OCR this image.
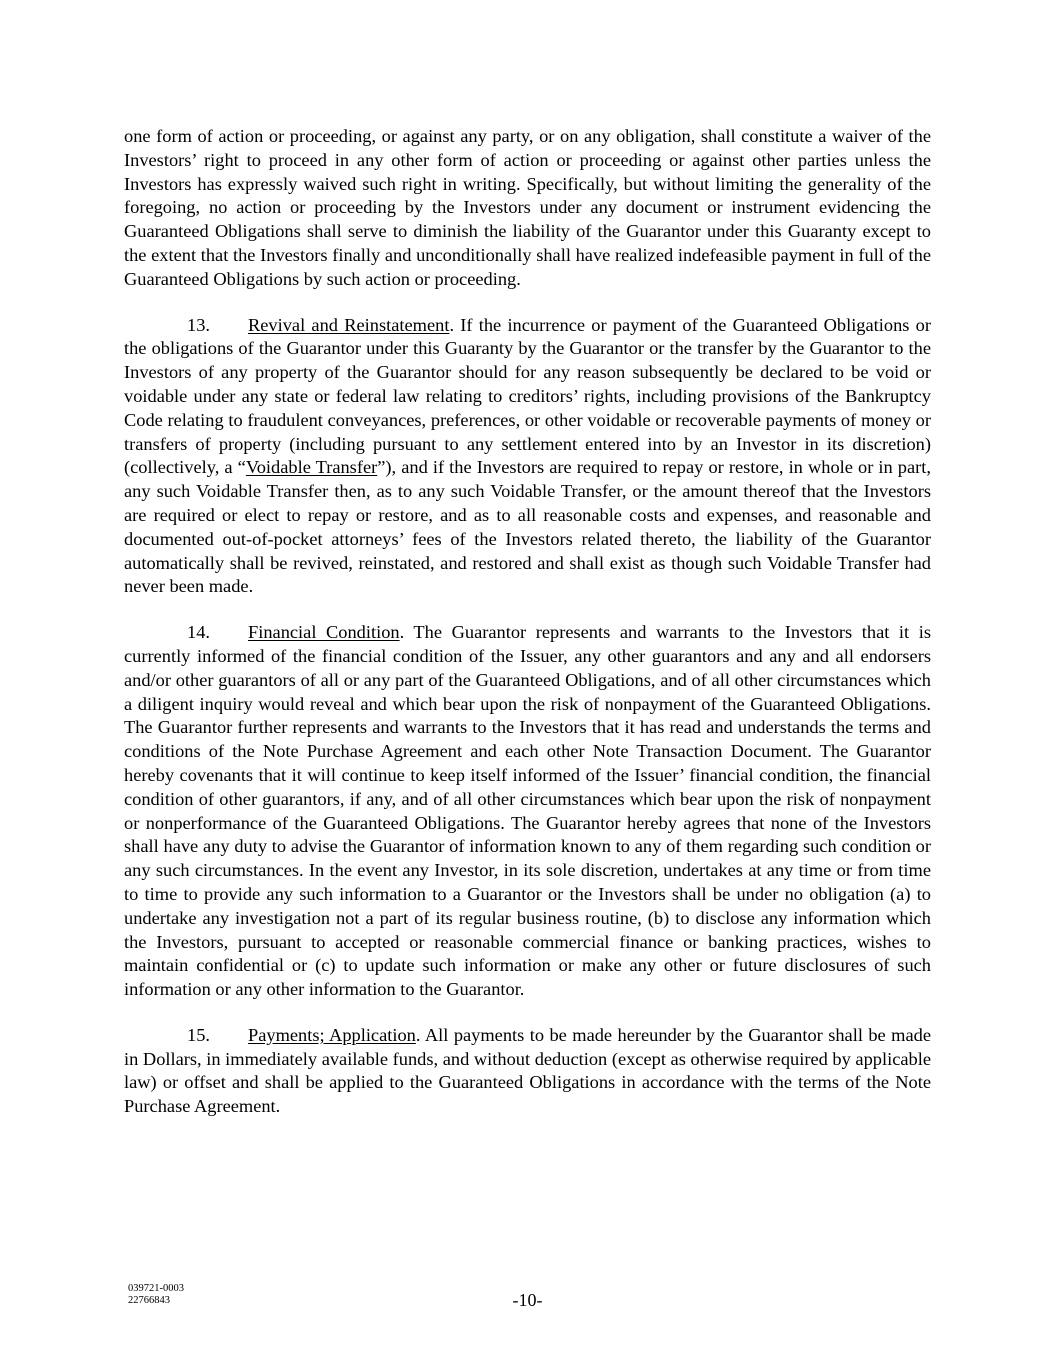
one form of action or proceeding, or against any party, or on any obligation, shall constitute a waiver of the Investors’ right to proceed in any other form of action or proceeding or against other parties unless the Investors has expressly waived such right in writing. Specifically, but without limiting the generality of the foregoing, no action or proceeding by the Investors under any document or instrument evidencing the Guaranteed Obligations shall serve to diminish the liability of the Guarantor under this Guaranty except to the extent that the Investors finally and unconditionally shall have realized indefeasible payment in full of the Guaranteed Obligations by such action or proceeding.

13. Revival and Reinstatement. If the incurrence or payment of the Guaranteed Obligations or the obligations of the Guarantor under this Guaranty by the Guarantor or the transfer by the Guarantor to the Investors of any property of the Guarantor should for any reason subsequently be declared to be void or voidable under any state or federal law relating to creditors’ rights, including provisions of the Bankruptcy Code relating to fraudulent conveyances, preferences, or other voidable or recoverable payments of money or transfers of property (including pursuant to any settlement entered into by an Investor in its discretion) (collectively, a “Voidable Transfer”), and if the Investors are required to repay or restore, in whole or in part, any such Voidable Transfer then, as to any such Voidable Transfer, or the amount thereof that the Investors are required or elect to repay or restore, and as to all reasonable costs and expenses, and reasonable and documented out-of-pocket attorneys’ fees of the Investors related thereto, the liability of the Guarantor automatically shall be revived, reinstated, and restored and shall exist as though such Voidable Transfer had never been made.

14. Financial Condition. The Guarantor represents and warrants to the Investors that it is currently informed of the financial condition of the Issuer, any other guarantors and any and all endorsers and/or other guarantors of all or any part of the Guaranteed Obligations, and of all other circumstances which a diligent inquiry would reveal and which bear upon the risk of nonpayment of the Guaranteed Obligations. The Guarantor further represents and warrants to the Investors that it has read and understands the terms and conditions of the Note Purchase Agreement and each other Note Transaction Document. The Guarantor hereby covenants that it will continue to keep itself informed of the Issuer’ financial condition, the financial condition of other guarantors, if any, and of all other circumstances which bear upon the risk of nonpayment or nonperformance of the Guaranteed Obligations. The Guarantor hereby agrees that none of the Investors shall have any duty to advise the Guarantor of information known to any of them regarding such condition or any such circumstances. In the event any Investor, in its sole discretion, undertakes at any time or from time to time to provide any such information to a Guarantor or the Investors shall be under no obligation (a) to undertake any investigation not a part of its regular business routine, (b) to disclose any information which the Investors, pursuant to accepted or reasonable commercial finance or banking practices, wishes to maintain confidential or (c) to update such information or make any other or future disclosures of such information or any other information to the Guarantor.

15. Payments; Application. All payments to be made hereunder by the Guarantor shall be made in Dollars, in immediately available funds, and without deduction (except as otherwise required by applicable law) or offset and shall be applied to the Guaranteed Obligations in accordance with the terms of the Note Purchase Agreement.

039721-0003
22766843	-10-
